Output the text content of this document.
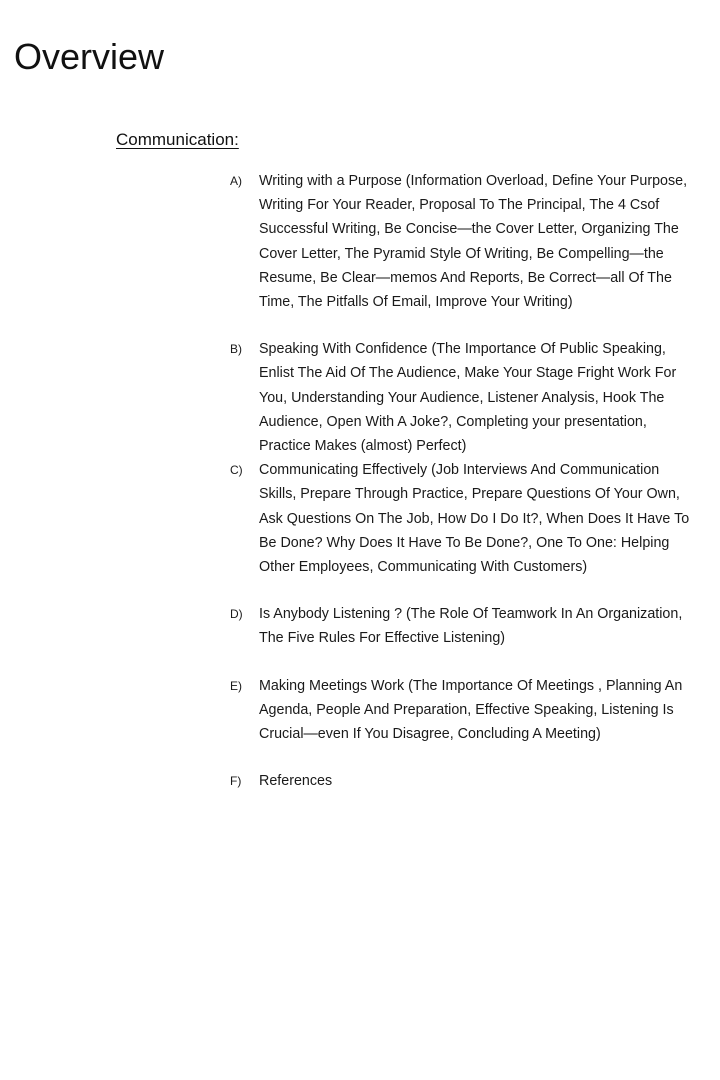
Overview
Communication:
A)	Writing with a Purpose (Information Overload, Define Your Purpose, Writing For Your Reader, Proposal To The Principal, The 4 Csof Successful Writing, Be Concise—the Cover Letter, Organizing The Cover Letter, The Pyramid Style Of Writing, Be Compelling—the Resume, Be Clear—memos And Reports, Be Correct—all Of The Time, The Pitfalls Of Email, Improve Your Writing)
B)	Speaking With Confidence (The Importance Of Public Speaking, Enlist The Aid Of The Audience, Make Your Stage Fright Work For You, Understanding Your Audience, Listener Analysis, Hook The Audience, Open With A Joke?, Completing your presentation, Practice Makes (almost) Perfect)
C)	Communicating Effectively (Job Interviews And Communication Skills, Prepare Through Practice, Prepare Questions Of Your Own, Ask Questions On The Job, How Do I Do It?, When Does It Have To Be Done? Why Does It Have To Be Done?, One To One: Helping Other Employees, Communicating With Customers)
D)	Is Anybody Listening ? (The Role Of Teamwork In An Organization, The Five Rules For Effective Listening)
E)	Making Meetings Work (The Importance Of Meetings , Planning An Agenda, People And Preparation, Effective Speaking, Listening Is Crucial—even If You Disagree, Concluding A Meeting)
F)	References
